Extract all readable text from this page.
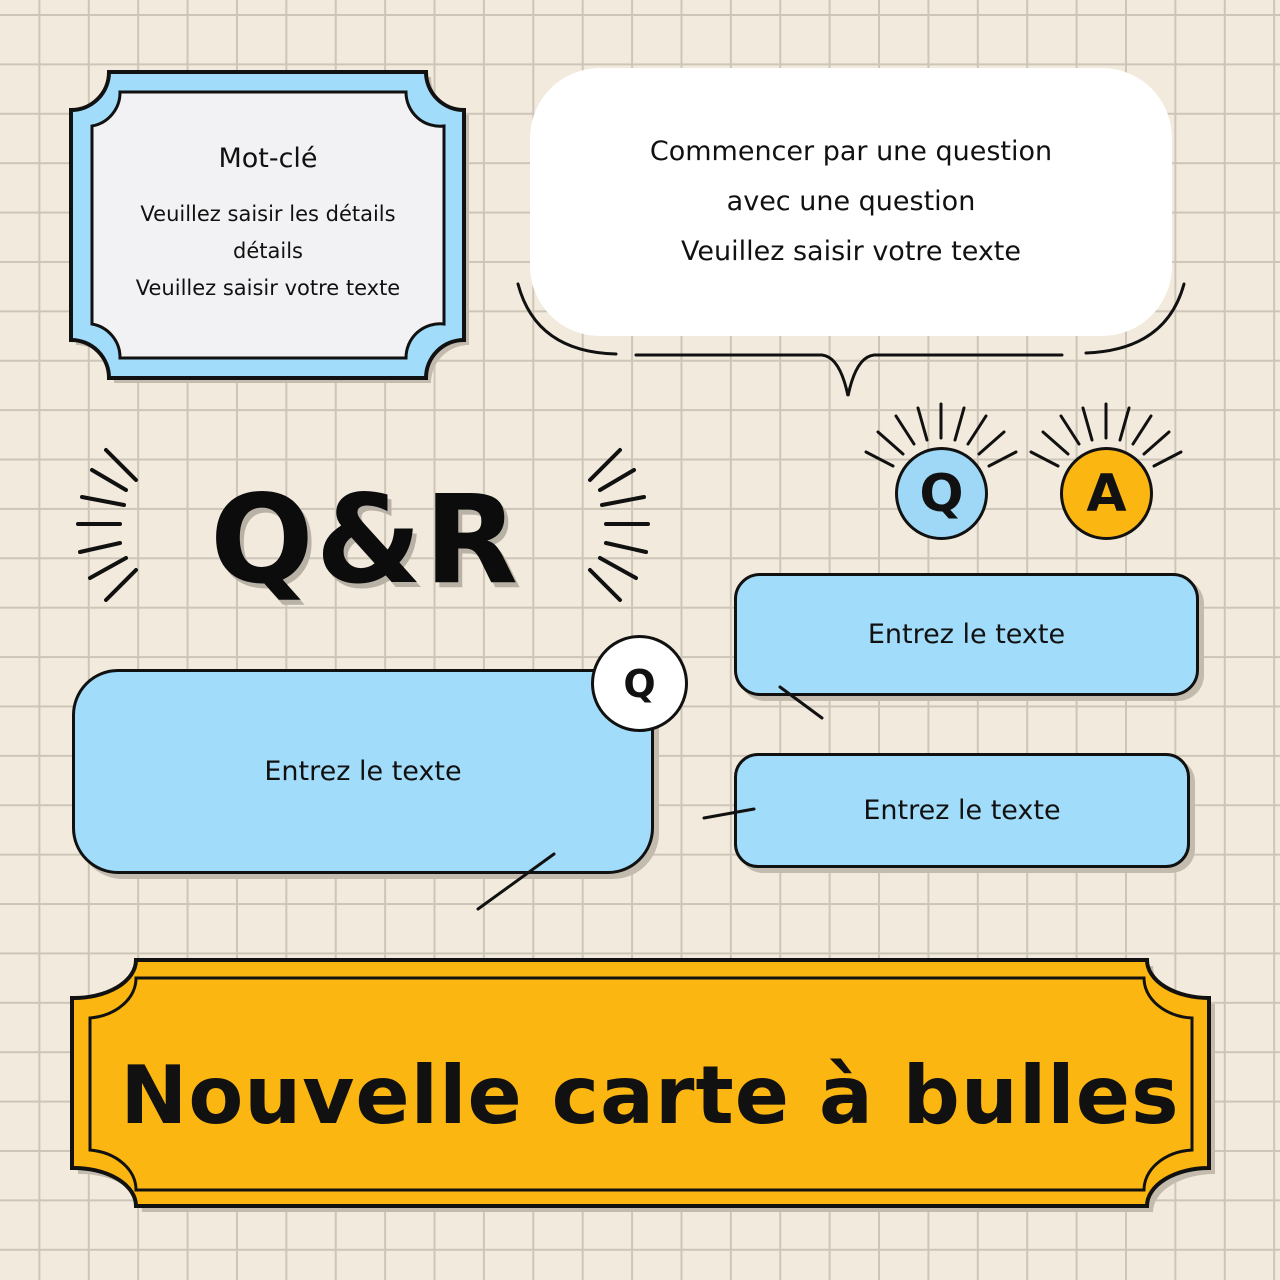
Mot-clé
Veuillez saisir les détails
détails
Veuillez saisir votre texte
Commencer par une question
avec une question
Veuillez saisir votre texte
Q&R	Q	A
Entrez le texte
Q
Entrez le texte
Entrez le texte
Nouvelle carte à bulles
